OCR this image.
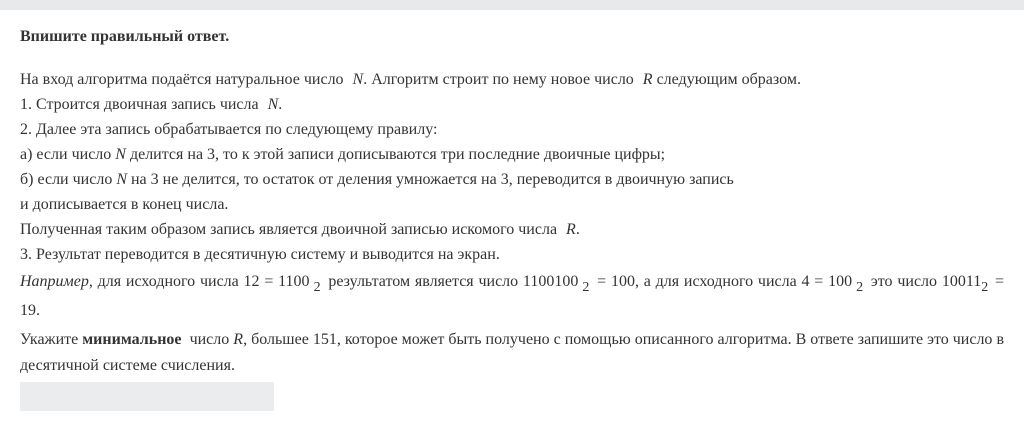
Впишите правильный ответ.

На вход алгоритма подаётся натуральное число N. Алгоритм строит по нему новое число R следующим образом.

1. Строится двоичная запись числа N.

2. Далее эта запись обрабатывается по следующему правилу:

а) если число N делится на 3, то к этой записи дописываются три последние двоичные цифры;

б) если число N на 3 не делится, то остаток от деления умножается на 3, переводится в двоичную запись

и дописывается в конец числа.

Полученная таким образом запись является двоичной записью искомого числа R.

3. Результат переводится в десятичную систему и выводится на экран.

Например, для исходного числа 12 = 1100 2 результатом является число 1100100 2 = 100, а для исходного числа 4 = 100 2 это число 100112 = 19.

Укажите минимальное число R, большее 151, которое может быть получено с помощью описанного алгоритма. В ответе запишите это число в десятичной системе счисления.
